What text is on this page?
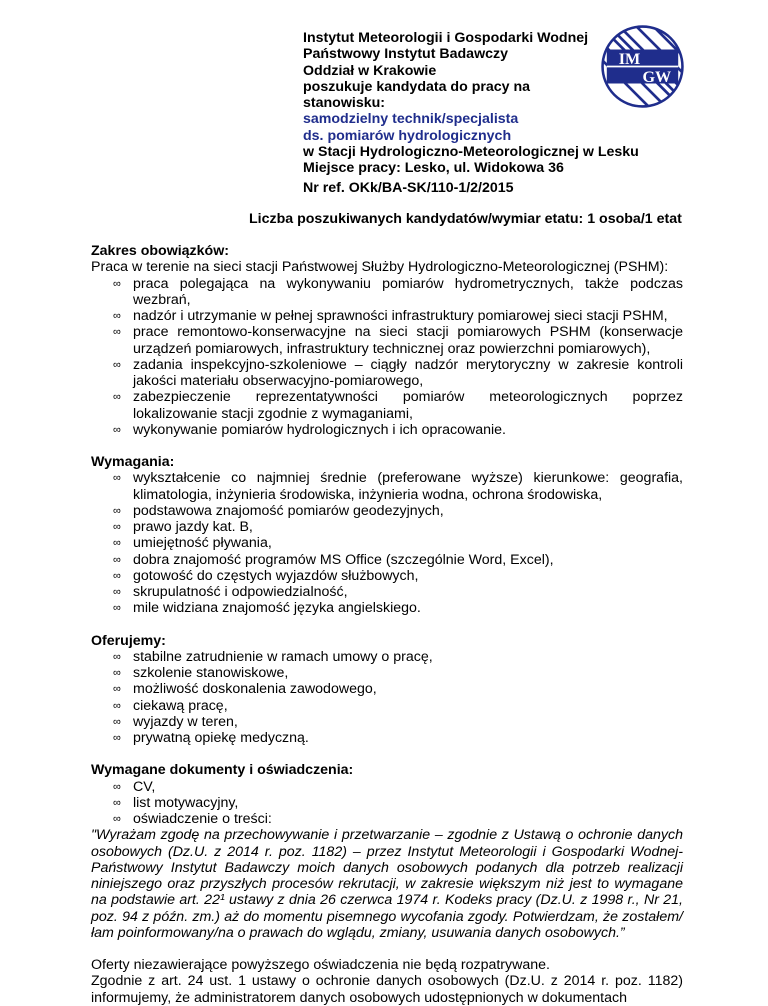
Instytut Meteorologii i Gospodarki Wodnej
Państwowy Instytut Badawczy
Oddział w Krakowie
poszukuje kandydata do pracy na
stanowisku:
samodzielny technik/specjalista
ds. pomiarów hydrologicznych
w Stacji Hydrologiczno-Meteorologicznej w Lesku
Miejsce pracy: Lesko, ul. Widokowa 36
Nr ref. OKk/BA-SK/110-1/2/2015
Liczba poszukiwanych kandydatów/wymiar etatu: 1 osoba/1 etat
IM
GW
Zakres obowiązków:

Praca w terenie na sieci stacji Państwowej Służby Hydrologiczno-Meteorologicznej (PSHM):

∞ praca polegająca na wykonywaniu pomiarów hydrometrycznych, także podczas wezbrań,
∞ nadzór i utrzymanie w pełnej sprawności infrastruktury pomiarowej sieci stacji PSHM,
∞ prace remontowo-konserwacyjne na sieci stacji pomiarowych PSHM (konserwacje urządzeń pomiarowych, infrastruktury technicznej oraz powierzchni pomiarowych),
∞ zadania inspekcyjno-szkoleniowe – ciągły nadzór merytoryczny w zakresie kontroli jakości materiału obserwacyjno-pomiarowego,
∞ zabezpieczenie reprezentatywności pomiarów meteorologicznych poprzez lokalizowanie stacji zgodnie z wymaganiami,
∞ wykonywanie pomiarów hydrologicznych i ich opracowanie.
Wymagania:
∞ wykształcenie co najmniej średnie (preferowane wyższe) kierunkowe: geografia, klimatologia, inżynieria środowiska, inżynieria wodna, ochrona środowiska,
∞ podstawowa znajomość pomiarów geodezyjnych,
∞ prawo jazdy kat. B,
∞ umiejętność pływania,
∞ dobra znajomość programów MS Office (szczególnie Word, Excel),
∞ gotowość do częstych wyjazdów służbowych,
∞ skrupulatność i odpowiedzialność,
∞ mile widziana znajomość języka angielskiego.
Oferujemy:
∞ stabilne zatrudnienie w ramach umowy o pracę,
∞ szkolenie stanowiskowe,
∞ możliwość doskonalenia zawodowego,
∞ ciekawą pracę,
∞ wyjazdy w teren,
∞ prywatną opiekę medyczną.
Wymagane dokumenty i oświadczenia:
∞ CV,
∞ list motywacyjny,
∞ oświadczenie o treści:

"Wyrażam zgodę na przechowywanie i przetwarzanie – zgodnie z Ustawą o ochronie danych osobowych (Dz.U. z 2014 r. poz. 1182) – przez Instytut Meteorologii i Gospodarki Wodnej-Państwowy Instytut Badawczy moich danych osobowych podanych dla potrzeb realizacji niniejszego oraz przyszłych procesów rekrutacji, w zakresie większym niż jest to wymagane na podstawie art. 22¹ ustawy z dnia 26 czerwca 1974 r. Kodeks pracy (Dz.U. z 1998 r., Nr 21, poz. 94 z późn. zm.) aż do momentu pisemnego wycofania zgody. Potwierdzam, że zostałem/łam poinformowany/na o prawach do wglądu, zmiany, usuwania danych osobowych.”

Oferty niezawierające powyższego oświadczenia nie będą rozpatrywane.

Zgodnie z art. 24 ust. 1 ustawy o ochronie danych osobowych (Dz.U. z 2014 r. poz. 1182) informujemy, że administratorem danych osobowych udostępnionych w dokumentach
